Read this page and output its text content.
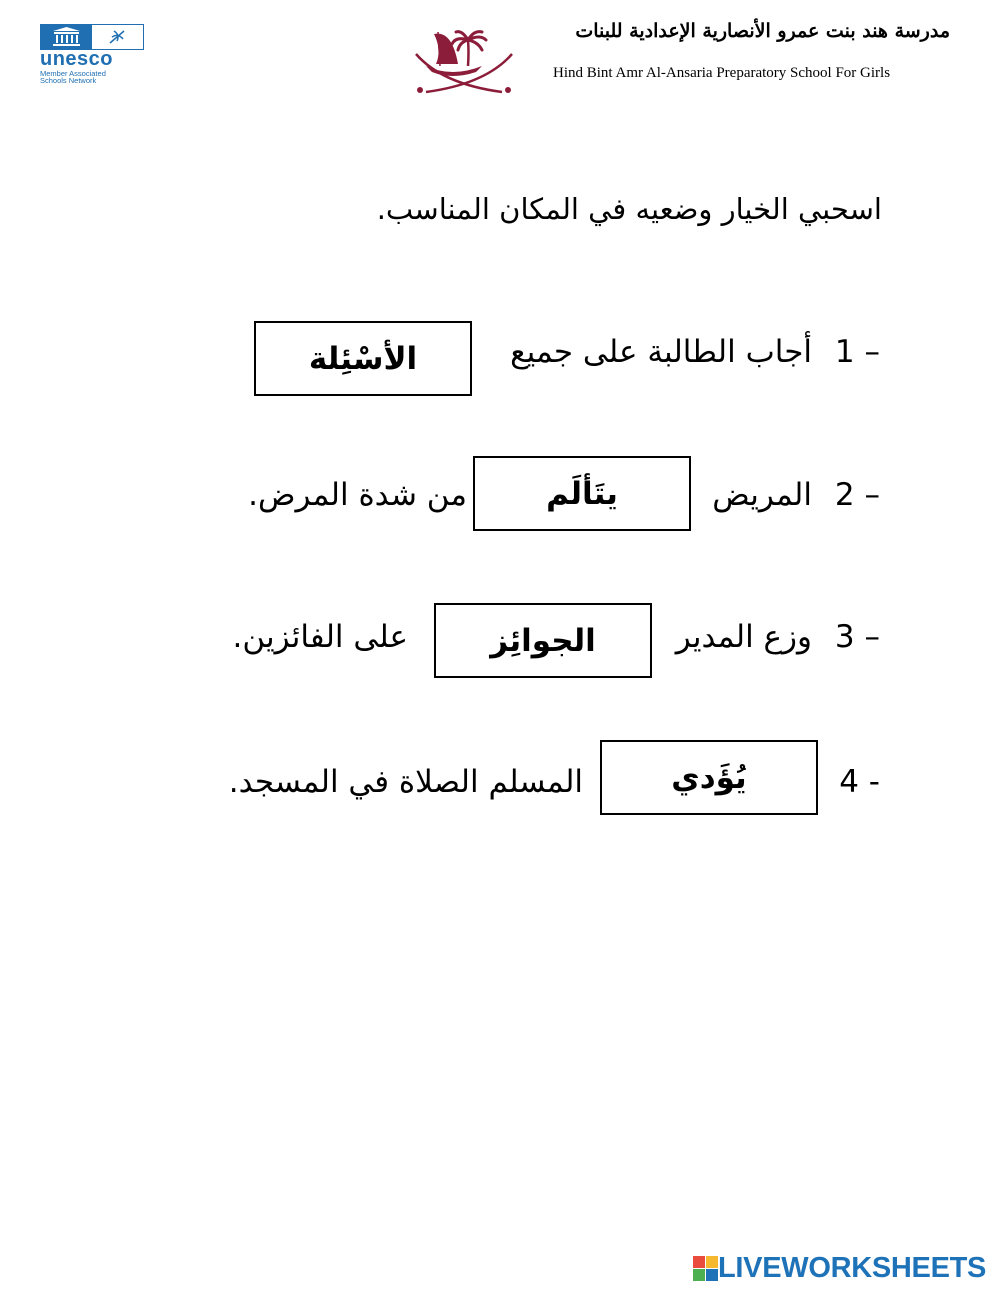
unesco
Member Associated Schools Network
مدرسة هند بنت عمرو الأنصارية الإعدادية للبنات
Hind Bint Amr Al-Ansaria Preparatory School For Girls
اسحبي الخيار وضعيه في المكان المناسب.
1 –
أجاب الطالبة على جميع
الأسْئِلة
2 –
المريض
يتَألَم
من شدة المرض.
3 –
وزع المدير
الجوائِز
على الفائزين.
4 -
يُؤَدي
المسلم الصلاة في المسجد.
LIVEWORKSHEETS
